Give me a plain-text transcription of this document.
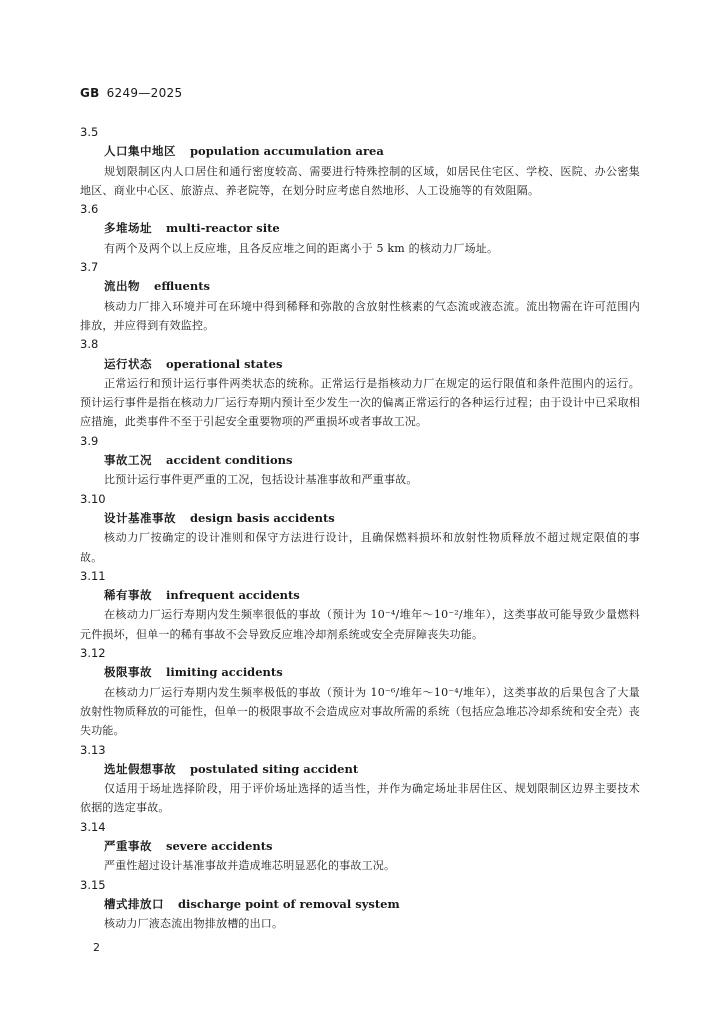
GB 6249—2025
3.5
人口集中地区 population accumulation area
规划限制区内人口居住和通行密度较高、需要进行特殊控制的区域，如居民住宅区、学校、医院、办公密集地区、商业中心区、旅游点、养老院等，在划分时应考虑自然地形、人工设施等的有效阻隔。
3.6
多堆场址 multi-reactor site
有两个及两个以上反应堆，且各反应堆之间的距离小于 5 km 的核动力厂场址。
3.7
流出物 effluents
核动力厂排入环境并可在环境中得到稀释和弥散的含放射性核素的气态流或液态流。流出物需在许可范围内排放，并应得到有效监控。
3.8
运行状态 operational states
正常运行和预计运行事件两类状态的统称。正常运行是指核动力厂在规定的运行限值和条件范围内的运行。预计运行事件是指在核动力厂运行寿期内预计至少发生一次的偏离正常运行的各种运行过程；由于设计中已采取相应措施，此类事件不至于引起安全重要物项的严重损坏或者事故工况。
3.9
事故工况 accident conditions
比预计运行事件更严重的工况，包括设计基准事故和严重事故。
3.10
设计基准事故 design basis accidents
核动力厂按确定的设计准则和保守方法进行设计，且确保燃料损坏和放射性物质释放不超过规定限值的事故。
3.11
稀有事故 infrequent accidents
在核动力厂运行寿期内发生频率很低的事故（预计为 10⁻⁴/堆年～10⁻²/堆年），这类事故可能导致少量燃料元件损坏，但单一的稀有事故不会导致反应堆冷却剂系统或安全壳屏障丧失功能。
3.12
极限事故 limiting accidents
在核动力厂运行寿期内发生频率极低的事故（预计为 10⁻⁶/堆年～10⁻⁴/堆年），这类事故的后果包含了大量放射性物质释放的可能性，但单一的极限事故不会造成应对事故所需的系统（包括应急堆芯冷却系统和安全壳）丧失功能。
3.13
选址假想事故 postulated siting accident
仅适用于场址选择阶段，用于评价场址选择的适当性，并作为确定场址非居住区、规划限制区边界主要技术依据的选定事故。
3.14
严重事故 severe accidents
严重性超过设计基准事故并造成堆芯明显恶化的事故工况。
3.15
槽式排放口 discharge point of removal system
核动力厂液态流出物排放槽的出口。
2
